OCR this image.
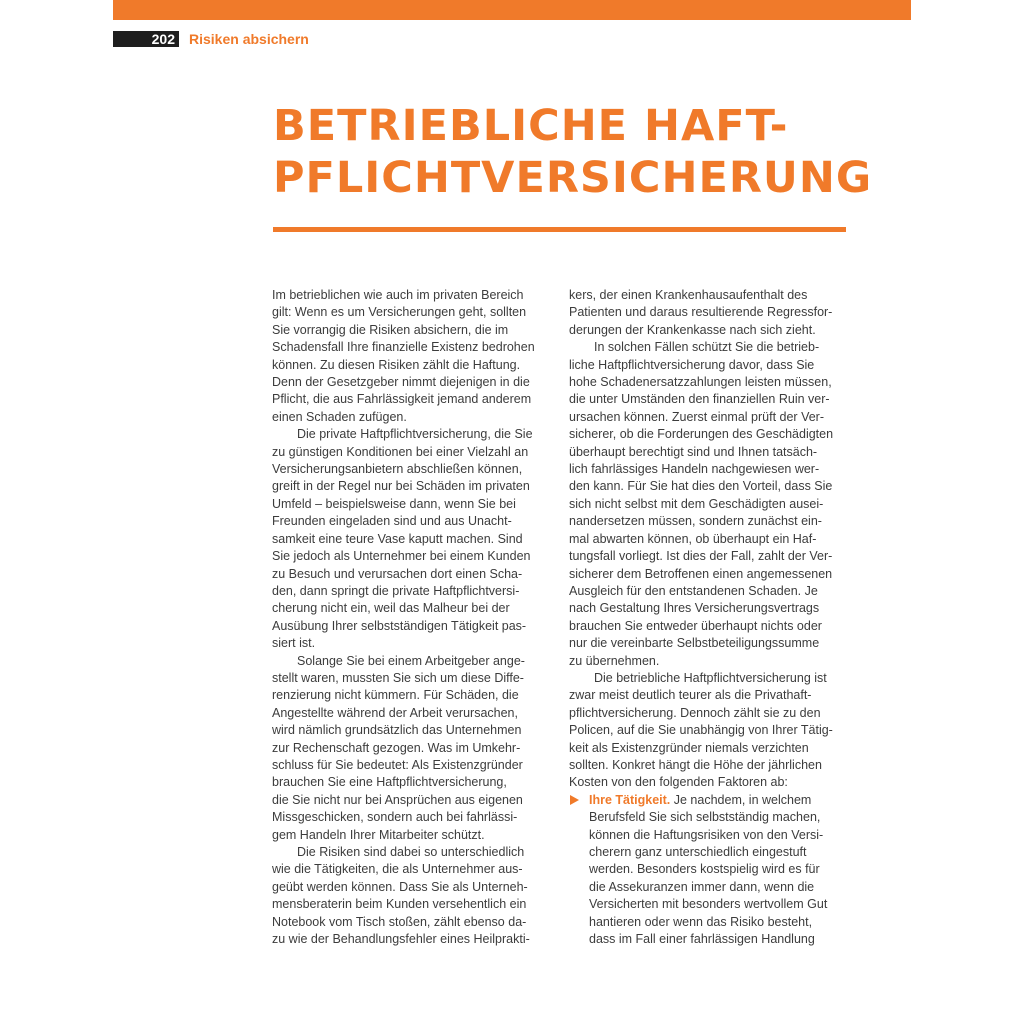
202 Risiken absichern
BETRIEBLICHE HAFT-
PFLICHTVERSICHERUNG
Im betrieblichen wie auch im privaten Bereich
gilt: Wenn es um Versicherungen geht, sollten
Sie vorrangig die Risiken absichern, die im
Schadensfall Ihre finanzielle Existenz bedrohen
können. Zu diesen Risiken zählt die Haftung.
Denn der Gesetzgeber nimmt diejenigen in die
Pflicht, die aus Fahrlässigkeit jemand anderem
einen Schaden zufügen.
Die private Haftpflichtversicherung, die Sie
zu günstigen Konditionen bei einer Vielzahl an
Versicherungsanbietern abschließen können,
greift in der Regel nur bei Schäden im privaten
Umfeld – beispielsweise dann, wenn Sie bei
Freunden eingeladen sind und aus Unacht-
samkeit eine teure Vase kaputt machen. Sind
Sie jedoch als Unternehmer bei einem Kunden
zu Besuch und verursachen dort einen Scha-
den, dann springt die private Haftpflichtversi-
cherung nicht ein, weil das Malheur bei der
Ausübung Ihrer selbstständigen Tätigkeit pas-
siert ist.
Solange Sie bei einem Arbeitgeber ange-
stellt waren, mussten Sie sich um diese Diffe-
renzierung nicht kümmern. Für Schäden, die
Angestellte während der Arbeit verursachen,
wird nämlich grundsätzlich das Unternehmen
zur Rechenschaft gezogen. Was im Umkehr-
schluss für Sie bedeutet: Als Existenzgründer
brauchen Sie eine Haftpflichtversicherung,
die Sie nicht nur bei Ansprüchen aus eigenen
Missgeschicken, sondern auch bei fahrlässi-
gem Handeln Ihrer Mitarbeiter schützt.
Die Risiken sind dabei so unterschiedlich
wie die Tätigkeiten, die als Unternehmer aus-
geübt werden können. Dass Sie als Unterneh-
mensberaterin beim Kunden versehentlich ein
Notebook vom Tisch stoßen, zählt ebenso da-
zu wie der Behandlungsfehler eines Heilprakti-
kers, der einen Krankenhausaufenthalt des
Patienten und daraus resultierende Regressfor-
derungen der Krankenkasse nach sich zieht.
In solchen Fällen schützt Sie die betrieb-
liche Haftpflichtversicherung davor, dass Sie
hohe Schadenersatzzahlungen leisten müssen,
die unter Umständen den finanziellen Ruin ver-
ursachen können. Zuerst einmal prüft der Ver-
sicherer, ob die Forderungen des Geschädigten
überhaupt berechtigt sind und Ihnen tatsäch-
lich fahrlässiges Handeln nachgewiesen wer-
den kann. Für Sie hat dies den Vorteil, dass Sie
sich nicht selbst mit dem Geschädigten ausei-
nandersetzen müssen, sondern zunächst ein-
mal abwarten können, ob überhaupt ein Haf-
tungsfall vorliegt. Ist dies der Fall, zahlt der Ver-
sicherer dem Betroffenen einen angemessenen
Ausgleich für den entstandenen Schaden. Je
nach Gestaltung Ihres Versicherungsvertrags
brauchen Sie entweder überhaupt nichts oder
nur die vereinbarte Selbstbeteiligungssumme
zu übernehmen.
Die betriebliche Haftpflichtversicherung ist
zwar meist deutlich teurer als die Privathaft-
pflichtversicherung. Dennoch zählt sie zu den
Policen, auf die Sie unabhängig von Ihrer Tätig-
keit als Existenzgründer niemals verzichten
sollten. Konkret hängt die Höhe der jährlichen
Kosten von den folgenden Faktoren ab:
Ihre Tätigkeit. Je nachdem, in welchem
Berufsfeld Sie sich selbstständig machen,
können die Haftungsrisiken von den Versi-
cherern ganz unterschiedlich eingestuft
werden. Besonders kostspielig wird es für
die Assekuranzen immer dann, wenn die
Versicherten mit besonders wertvollem Gut
hantieren oder wenn das Risiko besteht,
dass im Fall einer fahrlässigen Handlung
